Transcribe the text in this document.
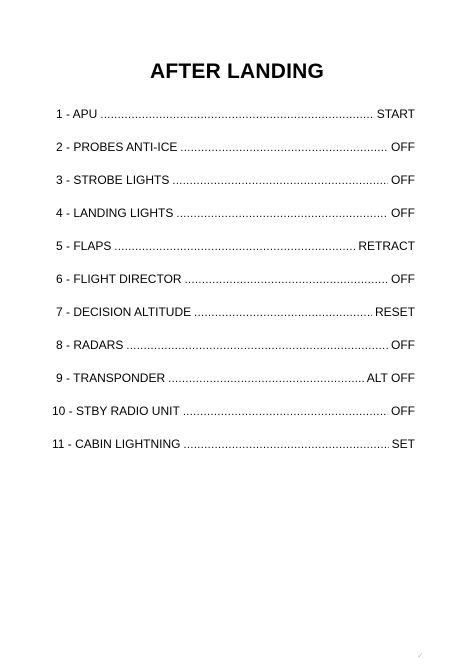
AFTER LANDING
1 - APU .....	START
2 - PROBES ANTI-ICE .....	OFF
3 - STROBE LIGHTS .....	OFF
4 - LANDING LIGHTS .....	OFF
5 - FLAPS .....	RETRACT
6 - FLIGHT DIRECTOR .....	OFF
7 - DECISION ALTITUDE .....	RESET
8 - RADARS .....	OFF
9 - TRANSPONDER .....	ALT OFF
10 - STBY RADIO UNIT .....	OFF
11 - CABIN LIGHTNING .....	SET
✓
